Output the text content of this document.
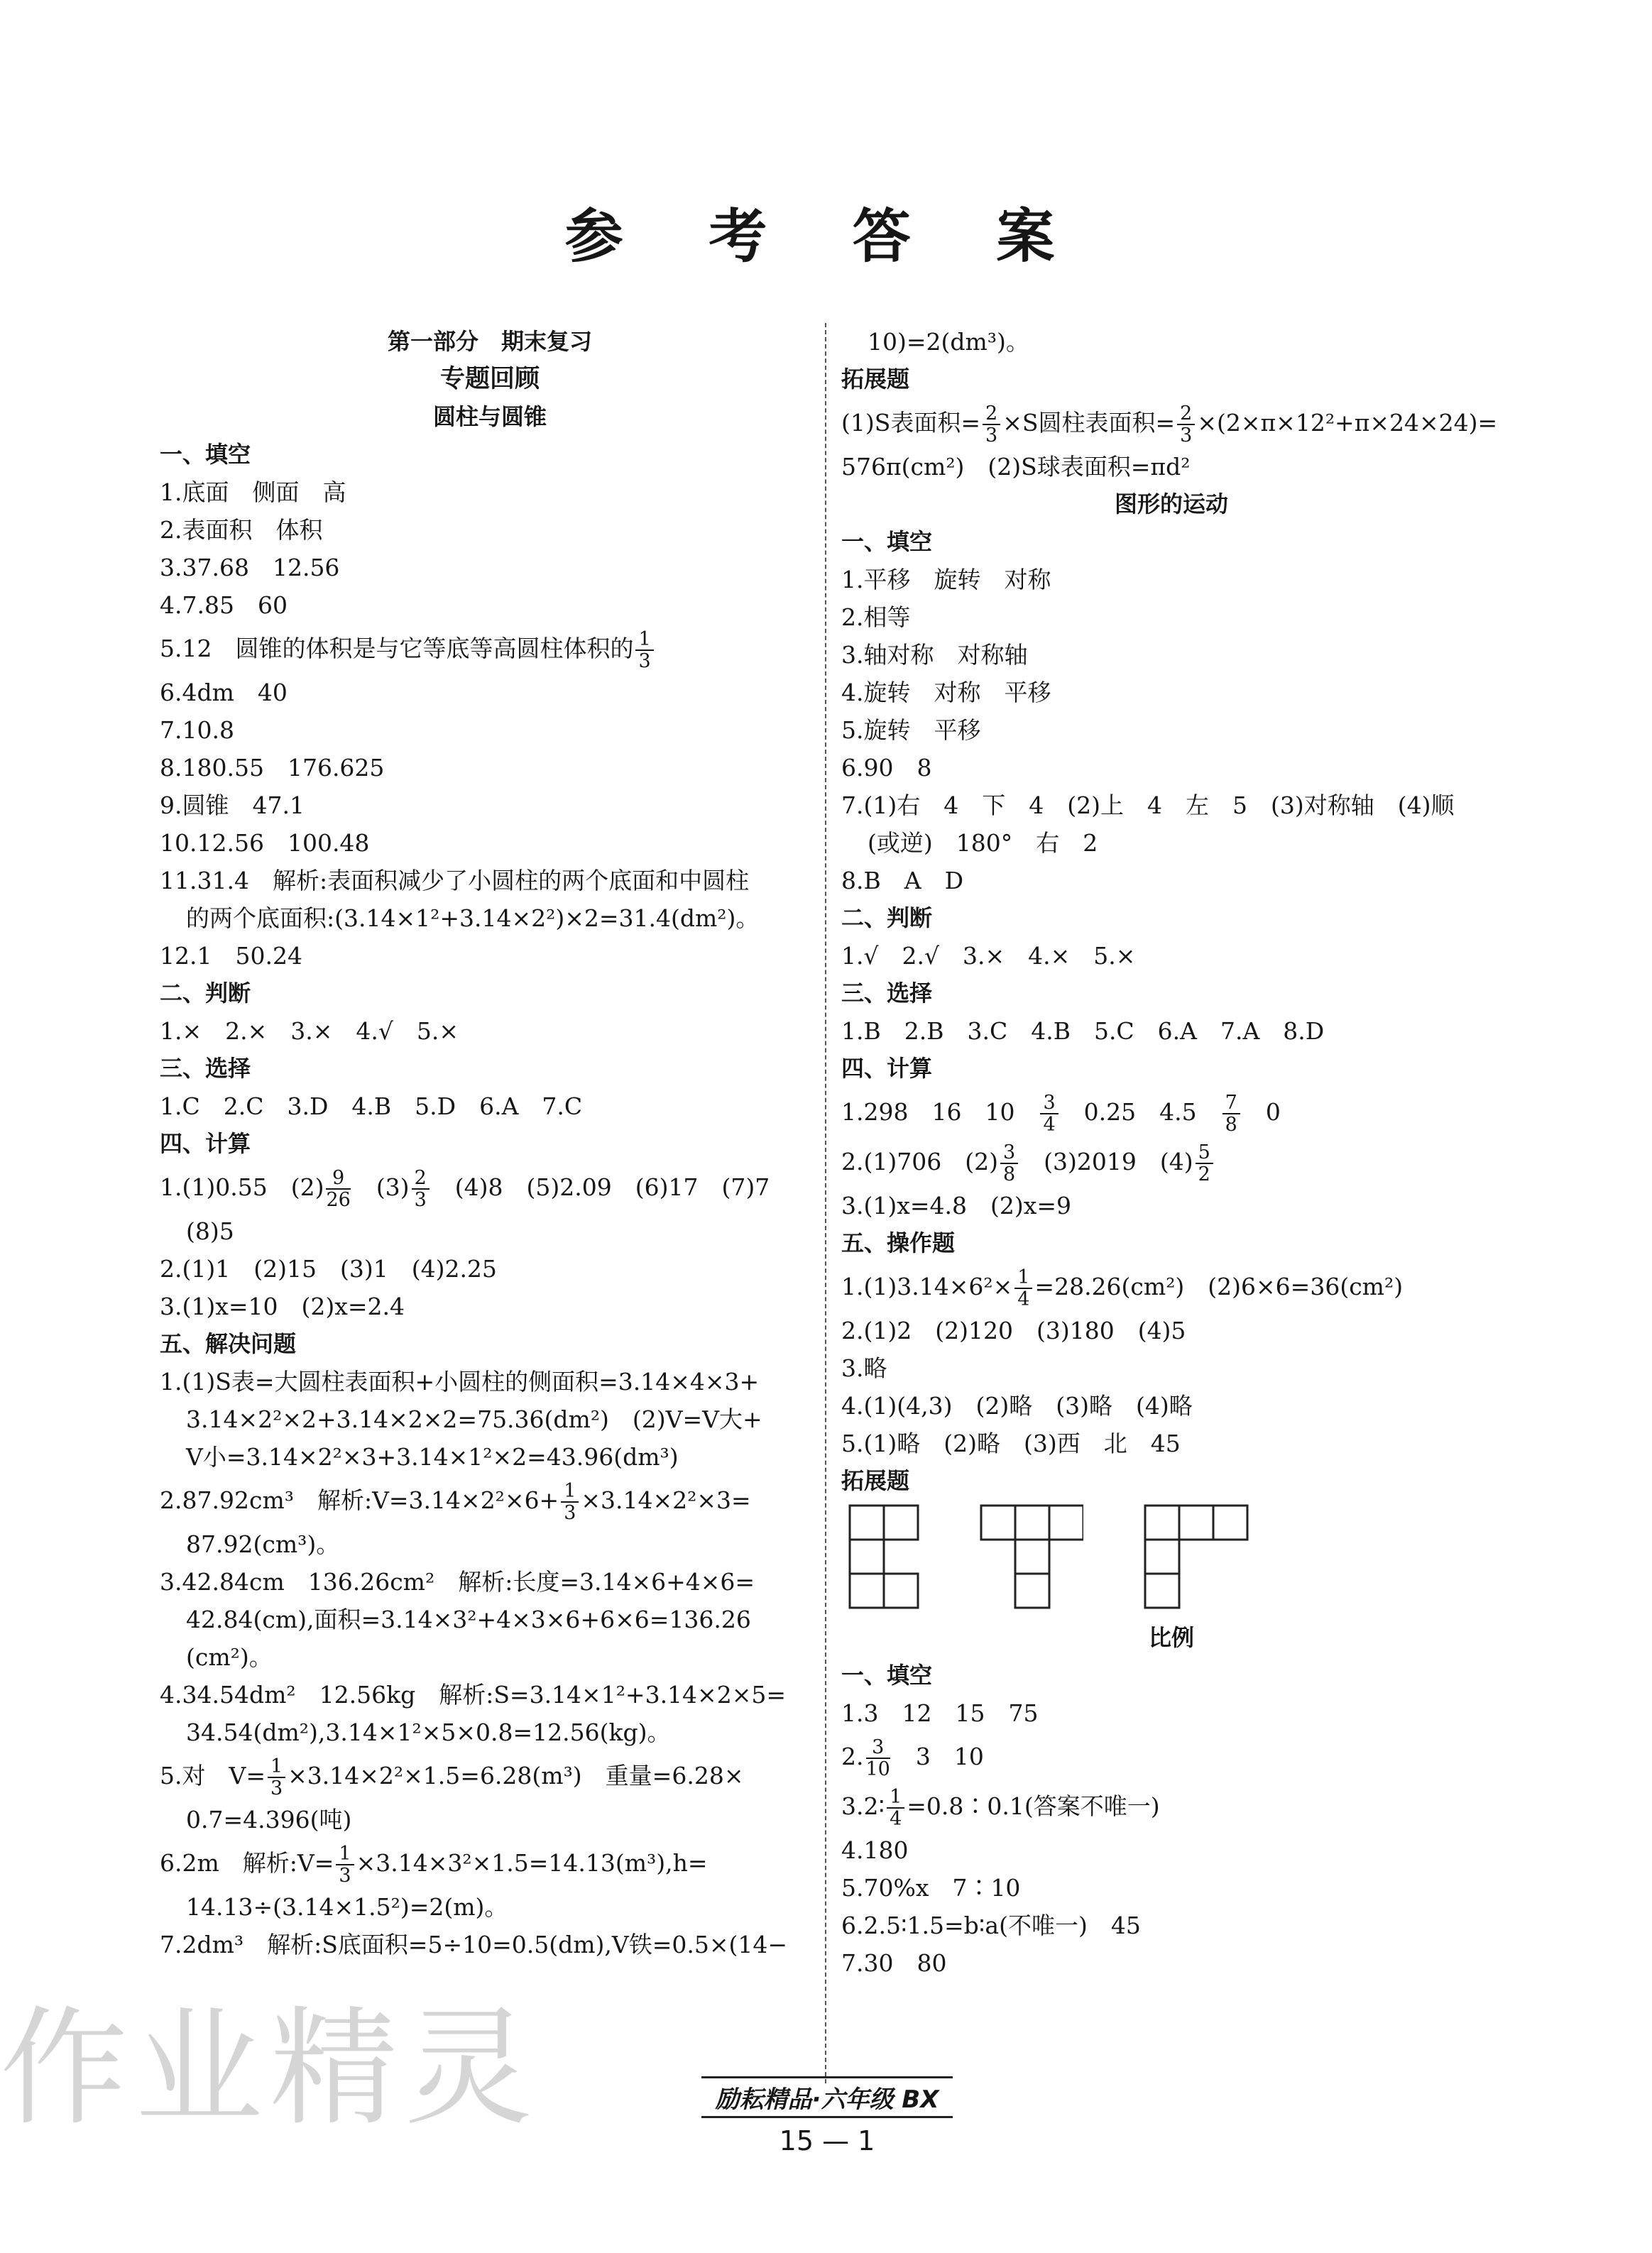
参 考 答 案
第一部分　期末复习
专题回顾
圆柱与圆锥
一、填空
1.底面　侧面　高
2.表面积　体积
3.37.68　12.56
4.7.85　60
5.12　圆锥的体积是与它等底等高圆柱体积的 $\frac{1}{3}$
6.4dm　40
7.10.8
8.180.55　176.625
9.圆锥　47.1
10.12.56　100.48
11.31.4　解析:表面积减少了小圆柱的两个底面和中圆柱
的两个底面积:(3.14×1²+3.14×2²)×2=31.4(dm²)。
12.1　50.24
二、判断
1.×　2.×　3.×　4.√　5.×
三、选择
1.C　2.C　3.D　4.B　5.D　6.A　7.C
四、计算
1.(1)0.55　$(2) \frac{9}{26}$ 　$(3) \frac{2}{3}$ 　(4)8　(5)2.09　(6)17　(7)7
(8)5
2.(1)1　(2)15　(3)1　(4)2.25
3.(1)x=10　(2)x=2.4
五、解决问题
1.(1)S表=大圆柱表面积+小圆柱的侧面积=3.14×4×3+
3.14×2²×2+3.14×2×2=75.36(dm²)　(2)V=V大+
V小=3.14×2²×3+3.14×1²×2=43.96(dm³)
2.87.92cm³　解析:V=3.14×2²×6+ $\frac{1}{3} \times 3.14\times 2^2\times 3=$
87.92(cm³)。
3.42.84cm　136.26cm²　解析:长度=3.14×6+4×6=
42.84(cm),面积=3.14×3²+4×3×6+6×6=136.26
(cm²)。
4.34.54dm²　12.56kg　解析:S=3.14×1²+3.14×2×5=
34.54(dm²),3.14×1²×5×0.8=12.56(kg)。
5.对　$V= \frac{1}{3} \times 3.14\times 2^2\times 1.5=6.28(m^3)$　重量=6.28×
0.7=4.396(吨)
6.2m　解析:V= $\frac{1}{3} \times 3.14\times 3^2\times 1.5=14.13(m^3),h=$
14.13÷(3.14×1.5²)=2(m)。
7.2dm³　解析:S底面积=5÷10=0.5(dm),V铁=0.5×(14−
10)=2(dm³)。
拓展题
(1)S表面积= $\frac{2}{3} \times S$圆柱表面积= $\frac{2}{3} \times(2\times\pi\times 12^2+\pi\times 24\times 24)=$
576π(cm²)　(2)S球表面积=πd²
图形的运动
一、填空
1.平移　旋转　对称
2.相等
3.轴对称　对称轴
4.旋转　对称　平移
5.旋转　平移
6.90　8
7.(1)右　4　下　4　(2)上　4　左　5　(3)对称轴　(4)顺
(或逆)　180°　右　2
8.B　A　D
二、判断
1.√　2.√　3.×　4.×　5.×
三、选择
1.B　2.B　3.C　4.B　5.C　6.A　7.A　8.D
四、计算
1.298　16　10　 $\frac{3}{4}$
　 0.25　4.5　 $\frac{7}{8}$
　 0
2.(1)706　$(2) \frac{3}{8}$
　 (3)2019　$(4) \frac{5}{2}$
3.(1)x=4.8　(2)x=9
五、操作题
$1.(1)3.14\times 6^2\times \frac{1}{4} =28.26(cm^2)$　(2)6×6=36(cm²)
2.(1)2　(2)120　(3)180　(4)5
3.略
4.(1)(4,3)　(2)略　(3)略　(4)略
5.(1)略　(2)略　(3)西　北　45
拓展题
比例
一、填空
1.3　12　15　75
2. $\frac{3}{10}$
　 3　10
3.2∶ $\frac{1}{4}$ =0.8∶0.1(答案不唯一)
4.180
5.70%x　7∶10
6.2.5∶1.5=b∶a(不唯一)　45
7.30　80
作业精灵	励耘精品·六年级 BX
15 — 1
